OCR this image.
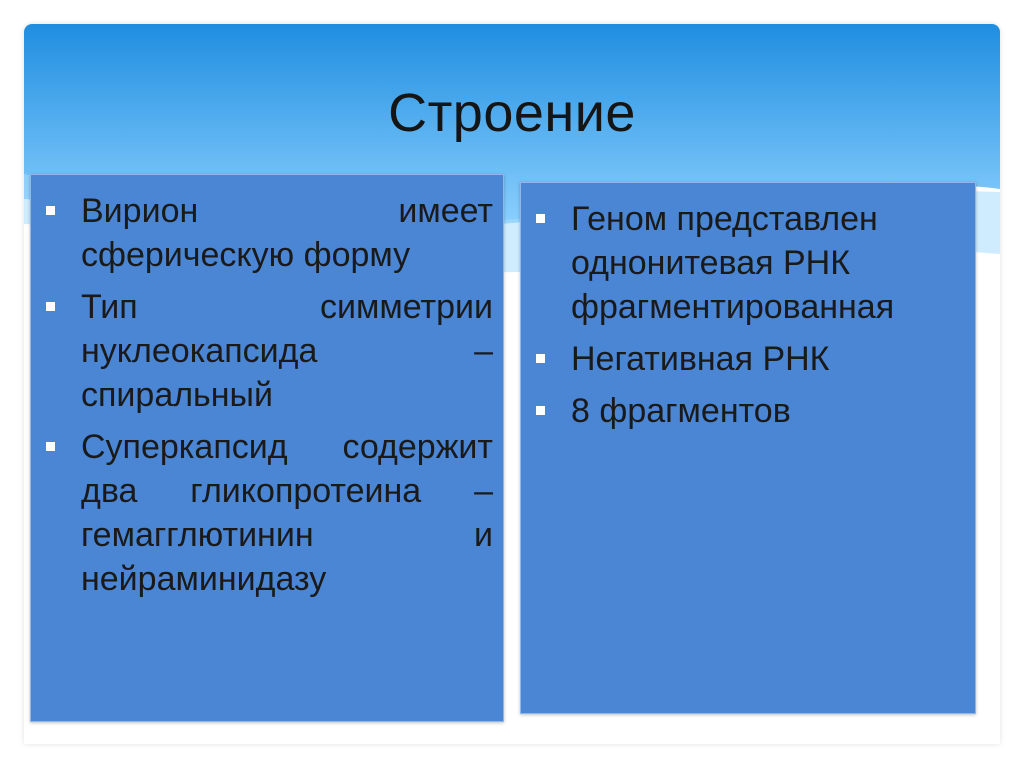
Строение
Вирион имеет сферическую форму
Тип симметрии нуклеокапсида – спиральный
Суперкапсид содержит два гликопротеина – гемагглютинин и нейраминидазу
Геном представлен однонитевая РНК фрагментированная
Негативная РНК
8 фрагментов
